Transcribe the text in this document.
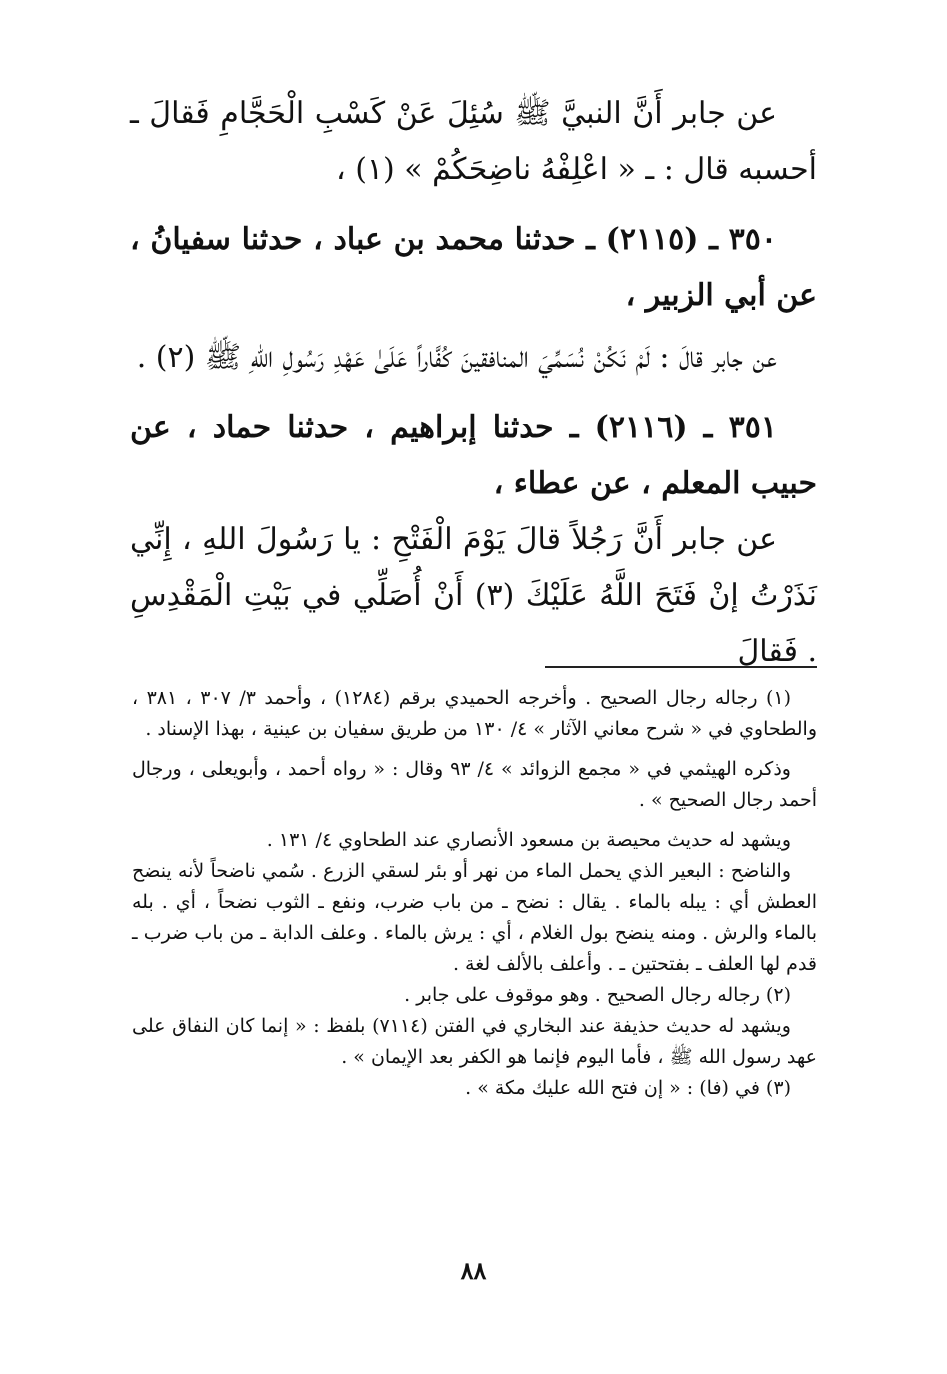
عن جابر أَنَّ النبيَّ ﷺ سُئِلَ عَنْ كَسْبِ الْحَجَّامِ فَقالَ ـ أحسبه قال : ـ « اعْلِفْهُ ناضِحَكُمْ » (١) ،

٣٥٠ ـ (٢١١٥) ـ حدثنا محمد بن عباد ، حدثنا سفيانُ ، عن أبي الزبير ،

عن جابر قالَ : لَمْ نَكُنْ نُسَمِّيَ المنافقينَ كُفَّاراً عَلَىٰ عَهْدِ رَسُولِ اللهِ ﷺ (٢) .

٣٥١ ـ (٢١١٦) ـ حدثنا إبراهيم ، حدثنا حماد ، عن حبيب المعلم ، عن عطاء ،

عن جابر أَنَّ رَجُلاً قالَ يَوْمَ الْفَتْحِ : يا رَسُولَ اللهِ ، إِنِّي نَذَرْتُ إنْ فَتَحَ اللَّهُ عَلَيْكَ (٣) أَنْ أُصَلِّي في بَيْتِ الْمَقْدِسِ . فَقالَ

(١) رجاله رجال الصحيح . وأخرجه الحميدي برقم (١٢٨٤) ، وأحمد ٣/ ٣٠٧ ، ٣٨١ ، والطحاوي في « شرح معاني الآثار » ٤/ ١٣٠ من طريق سفيان بن عينية ، بهذا الإسناد .

وذكره الهيثمي في « مجمع الزوائد » ٤/ ٩٣ وقال : « رواه أحمد ، وأبويعلى ، ورجال أحمد رجال الصحيح » .

ويشهد له حديث محيصة بن مسعود الأنصاري عند الطحاوي ٤/ ١٣١ .

والناضح : البعير الذي يحمل الماء من نهر أو بئر لسقي الزرع . سُمي ناضحاً لأنه ينضح العطش أي : يبله بالماء . يقال : نضح ـ من باب ضرب، ونفع ـ الثوب نضحاً ، أي . بله بالماء والرش . ومنه ينضح بول الغلام ، أي : يرش بالماء . وعلف الدابة ـ من باب ضرب ـ قدم لها العلف ـ بفتحتين ـ . وأعلف بالألف لغة .

(٢) رجاله رجال الصحيح . وهو موقوف على جابر .

ويشهد له حديث حذيفة عند البخاري في الفتن (٧١١٤) بلفظ : « إنما كان النفاق على عهد رسول الله ﷺ ، فأما اليوم فإنما هو الكفر بعد الإيمان » .

(٣) في (فا) : « إن فتح الله عليك مكة » .

٨٨
